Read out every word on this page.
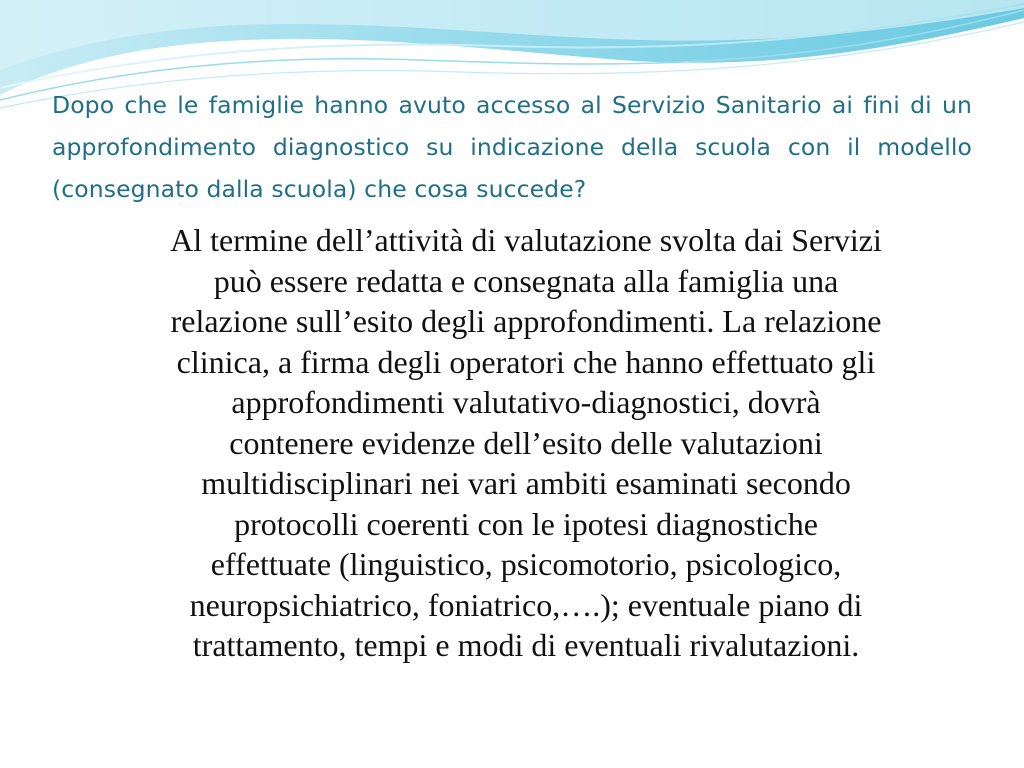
Dopo che le famiglie hanno avuto accesso al Servizio Sanitario ai fini di un approfondimento diagnostico su indicazione della scuola con il modello (consegnato dalla scuola) che cosa succede?
Al termine dell’attività di valutazione svolta dai Servizi
può essere redatta e consegnata alla famiglia una
relazione sull’esito degli approfondimenti. La relazione
clinica, a firma degli operatori che hanno effettuato gli
approfondimenti valutativo-diagnostici, dovrà
contenere evidenze dell’esito delle valutazioni
multidisciplinari nei vari ambiti esaminati secondo
protocolli coerenti con le ipotesi diagnostiche
effettuate (linguistico, psicomotorio, psicologico,
neuropsichiatrico, foniatrico,….); eventuale piano di
trattamento, tempi e modi di eventuali rivalutazioni.
